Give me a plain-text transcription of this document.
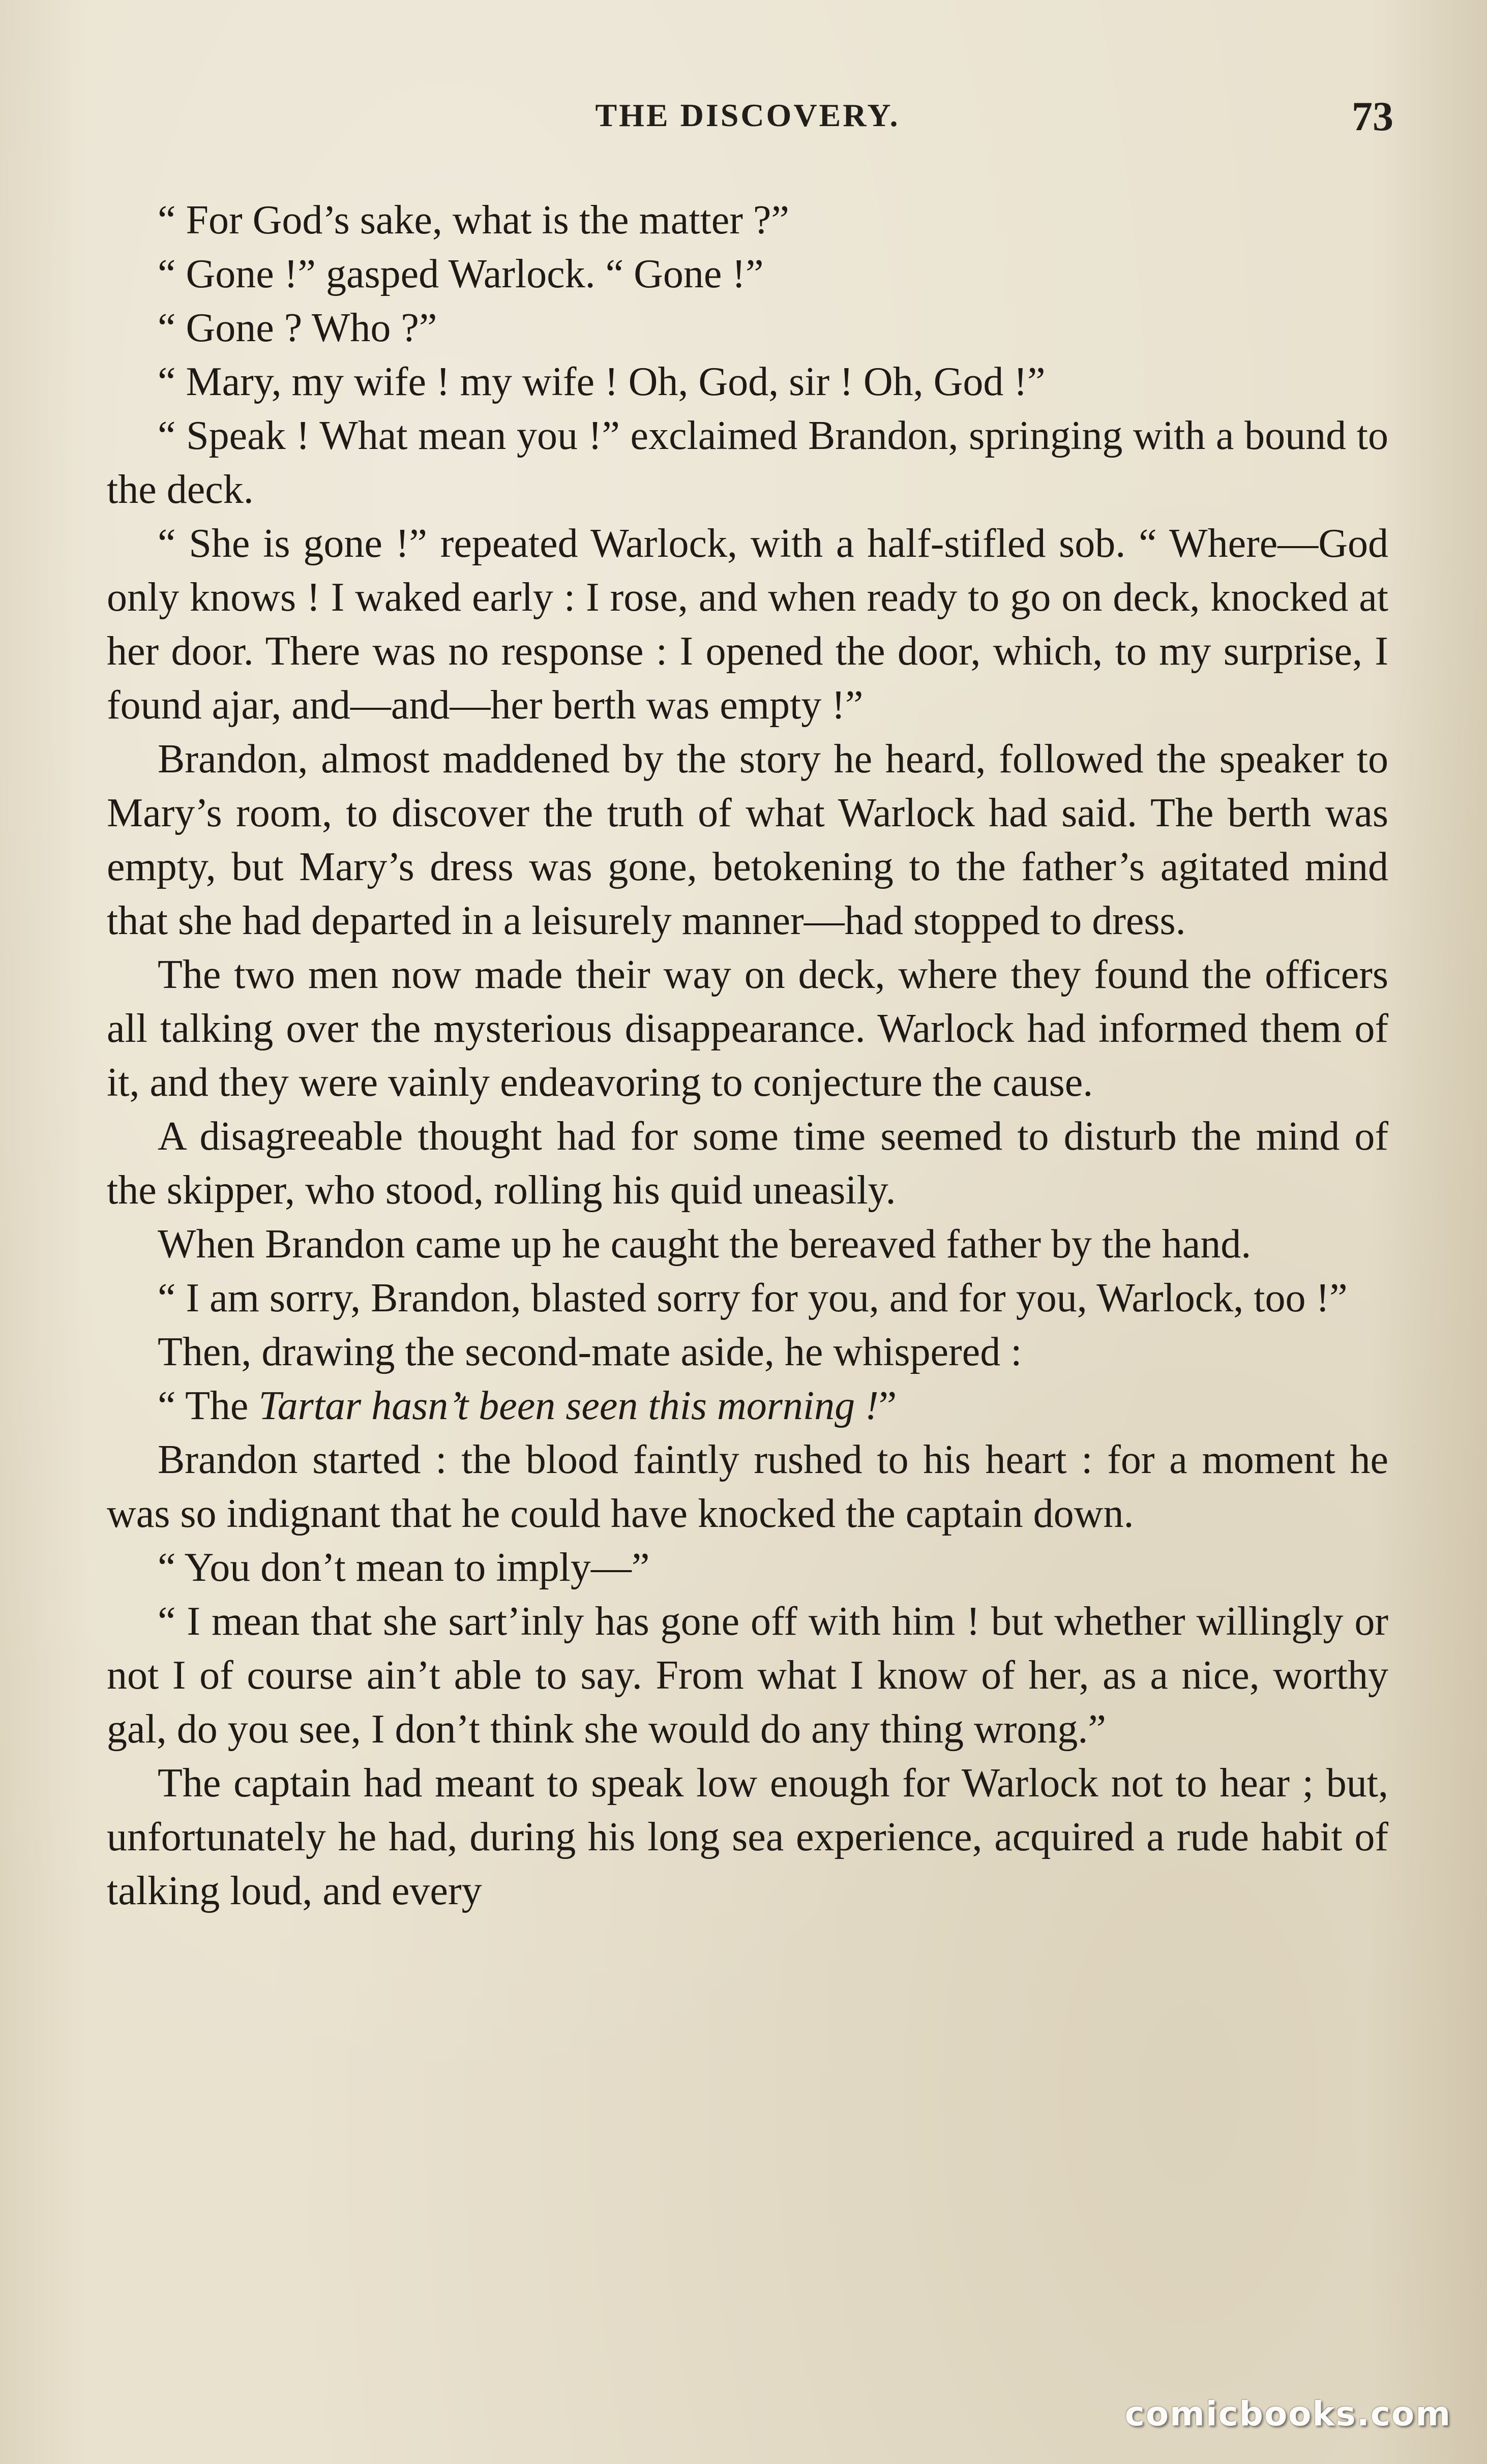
THE DISCOVERY.	73

“ For God’s sake, what is the matter ?”

“ Gone !” gasped Warlock. “ Gone !”

“ Gone ? Who ?”

“ Mary, my wife ! my wife ! Oh, God, sir ! Oh, God !”

“ Speak ! What mean you !” exclaimed Brandon, springing with a bound to the deck.

“ She is gone !” repeated Warlock, with a half-stifled sob. “ Where—God only knows ! I waked early : I rose, and when ready to go on deck, knocked at her door. There was no response : I opened the door, which, to my surprise, I found ajar, and—and—her berth was empty !”

Brandon, almost maddened by the story he heard, followed the speaker to Mary’s room, to discover the truth of what Warlock had said. The berth was empty, but Mary’s dress was gone, betokening to the father’s agitated mind that she had departed in a leisurely manner—had stopped to dress.

The two men now made their way on deck, where they found the officers all talking over the mysterious disappearance. Warlock had informed them of it, and they were vainly endeavoring to conjecture the cause.

A disagreeable thought had for some time seemed to disturb the mind of the skipper, who stood, rolling his quid uneasily.

When Brandon came up he caught the bereaved father by the hand.

“ I am sorry, Brandon, blasted sorry for you, and for you, Warlock, too !”

Then, drawing the second-mate aside, he whispered :

“ The Tartar hasn’t been seen this morning !”

Brandon started : the blood faintly rushed to his heart : for a moment he was so indignant that he could have knocked the captain down.

“ You don’t mean to imply—”

“ I mean that she sart’inly has gone off with him ! but whether willingly or not I of course ain’t able to say. From what I know of her, as a nice, worthy gal, do you see, I don’t think she would do any thing wrong.”

The captain had meant to speak low enough for Warlock not to hear ; but, unfortunately he had, during his long sea experience, acquired a rude habit of talking loud, and every

comicbooks.com
